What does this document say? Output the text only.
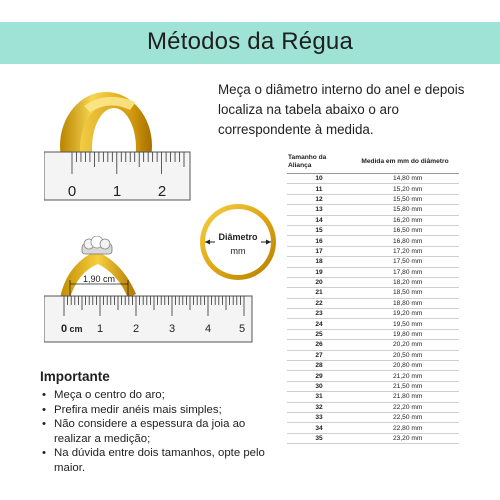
Métodos da Régua
Meça o diâmetro interno do anel e depois
localiza na tabela abaixo o aro
correspondente à medida.
0 1 2
Diâmetro
mm
1,90 cm
0 cm 1	2	3	4	5
Tamanho da Aliança	Medida em mm do diâmetro
10	14,80 mm
11	15,20 mm
12	15,50 mm
13	15,80 mm
14	16,20 mm
15	16,50 mm
16	16,80 mm
17	17,20 mm
18	17,50 mm
19	17,80 mm
20	18,20 mm
21	18,50 mm
22	18,80 mm
23	19,20 mm
24	19,50 mm
25	19,80 mm
26	20,20 mm
27	20,50 mm
28	20,80 mm
29	21,20 mm
30	21,50 mm
31	21,80 mm
32	22,20 mm
33	22,50 mm
34	22,80 mm
35	23,20 mm
Importante
• Meça o centro do aro;
• Prefira medir anéis mais simples;
• Não considere a espessura da joia ao
realizar a medição;
• Na dúvida entre dois tamanhos, opte pelo
maior.
